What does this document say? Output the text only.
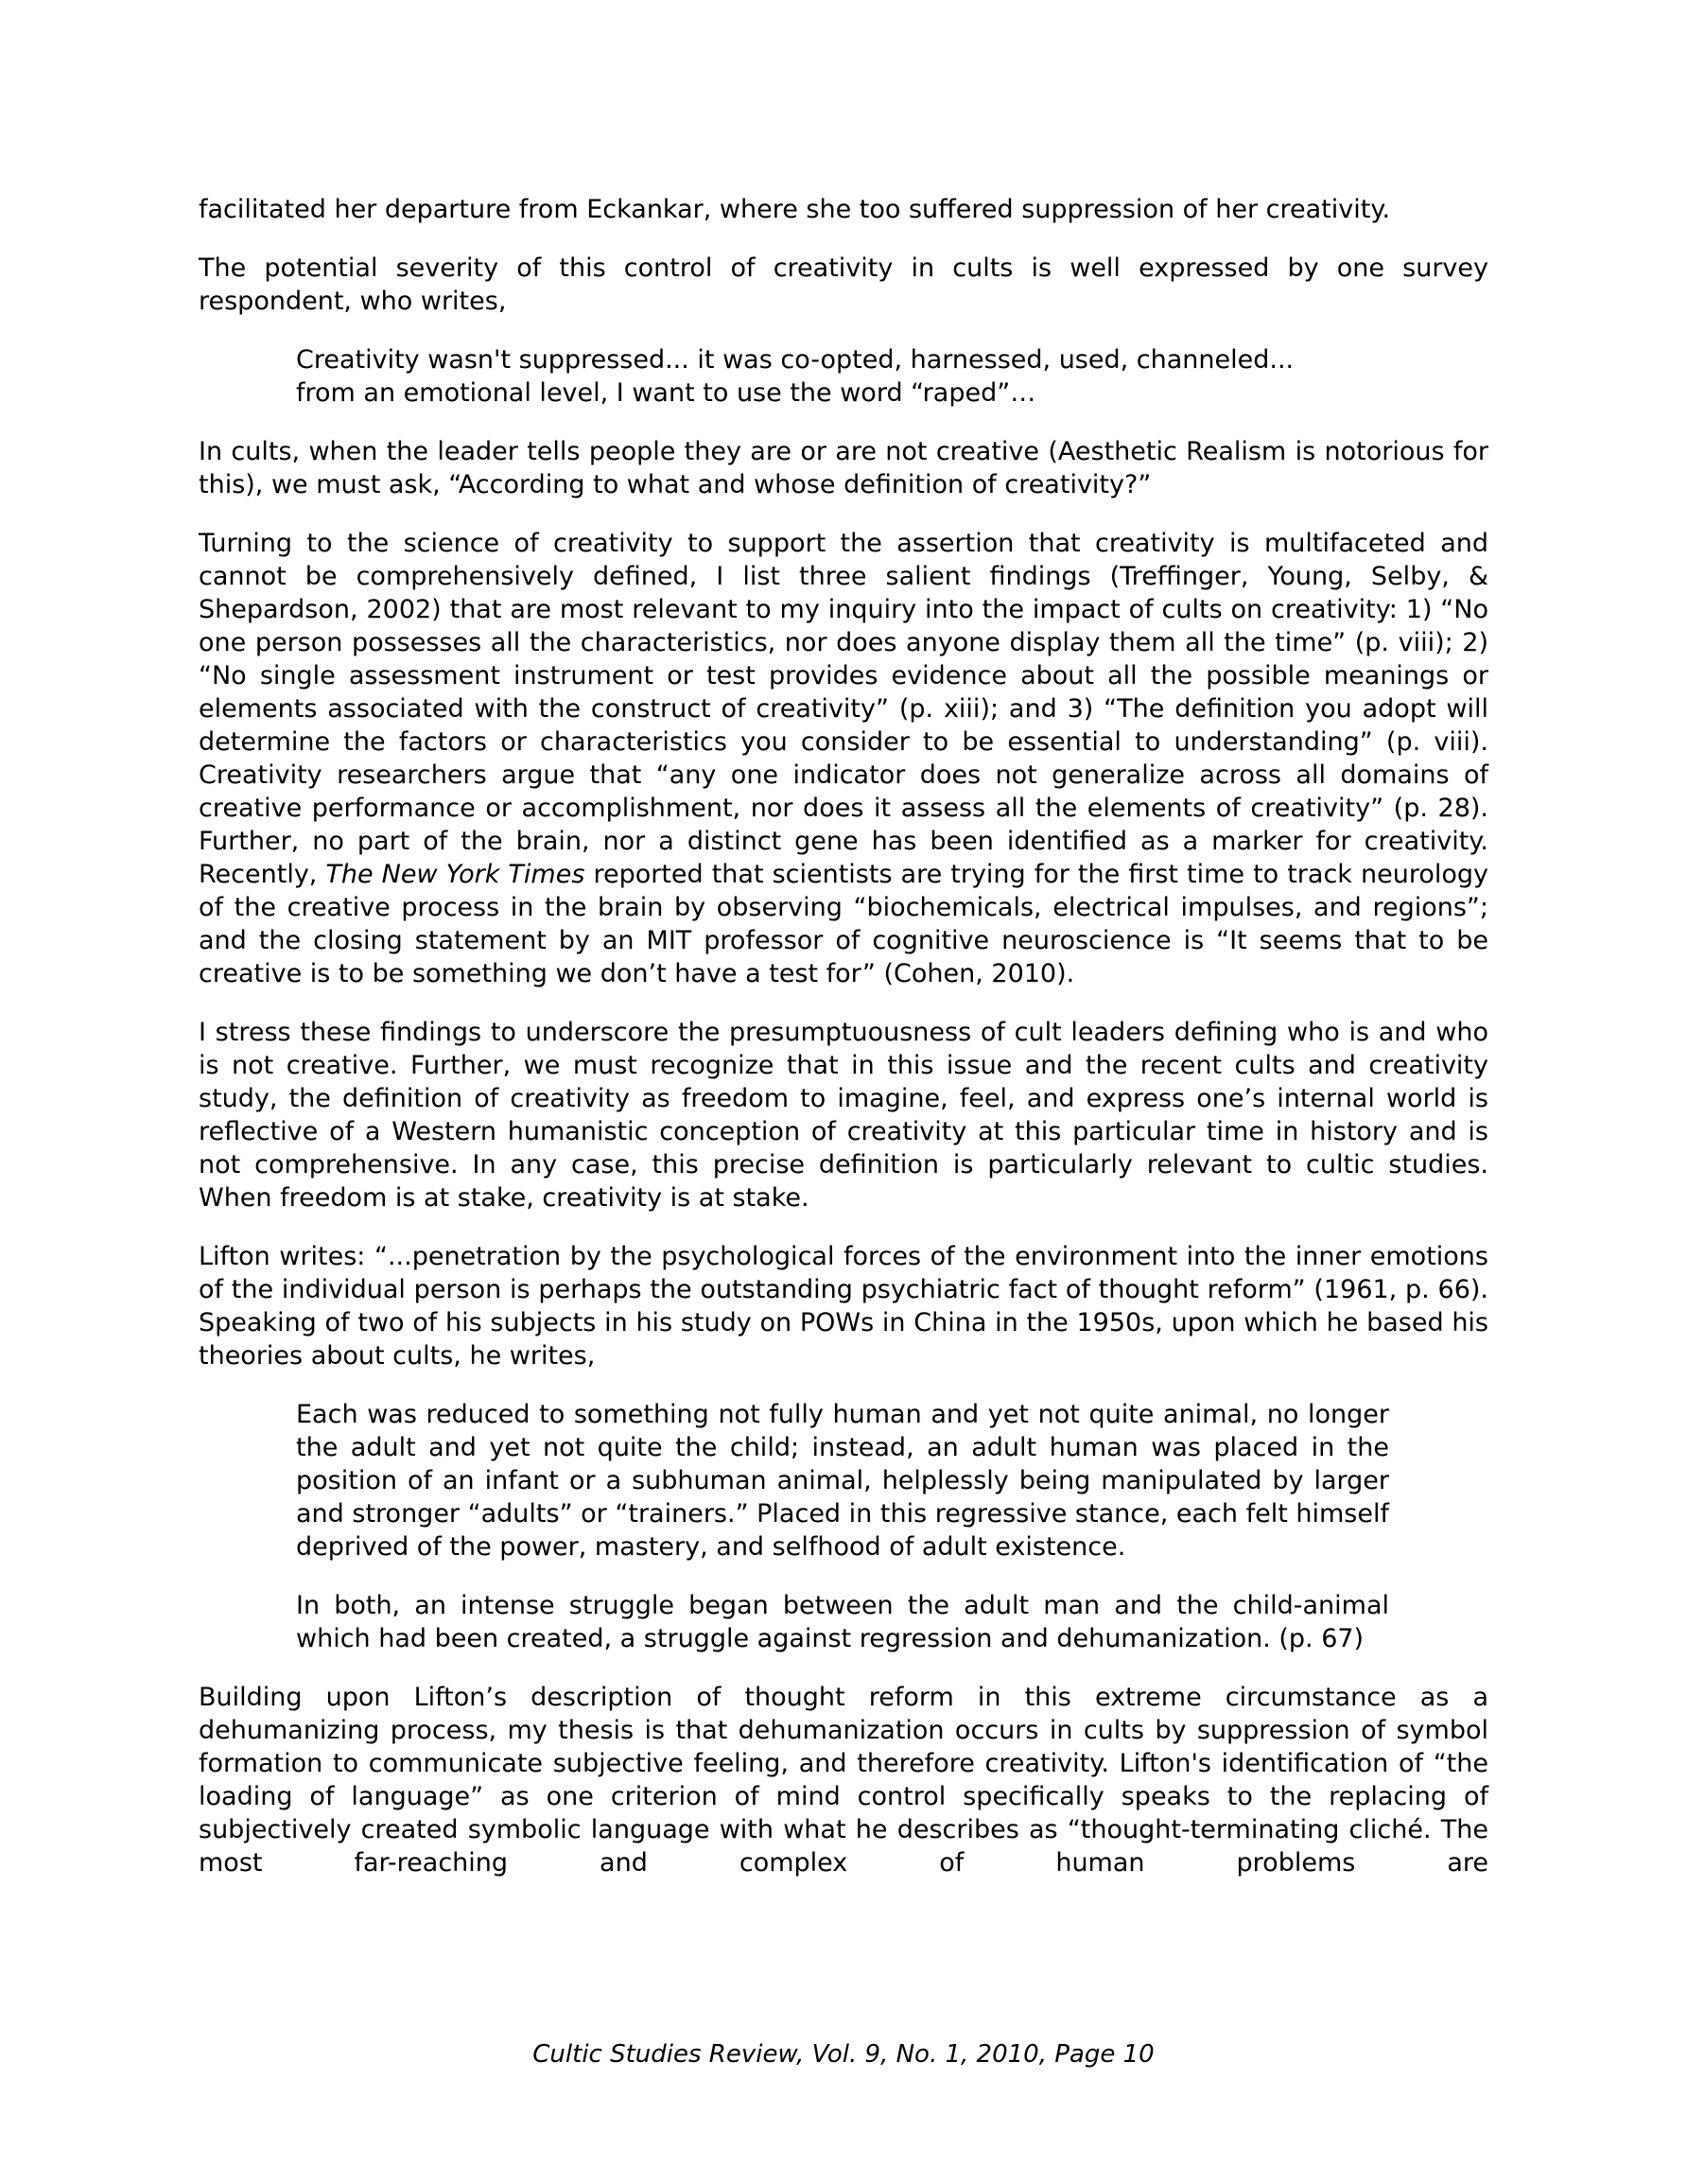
facilitated her departure from Eckankar, where she too suffered suppression of her creativity.

The potential severity of this control of creativity in cults is well expressed by one survey respondent, who writes,

Creativity wasn't suppressed... it was co-opted, harnessed, used, channeled...
from an emotional level, I want to use the word “raped”…

In cults, when the leader tells people they are or are not creative (Aesthetic Realism is notorious for this), we must ask, “According to what and whose definition of creativity?”

Turning to the science of creativity to support the assertion that creativity is multifaceted and cannot be comprehensively defined, I list three salient findings (Treffinger, Young, Selby, & Shepardson, 2002) that are most relevant to my inquiry into the impact of cults on creativity: 1) “No one person possesses all the characteristics, nor does anyone display them all the time” (p. viii); 2) “No single assessment instrument or test provides evidence about all the possible meanings or elements associated with the construct of creativity” (p. xiii); and 3) “The definition you adopt will determine the factors or characteristics you consider to be essential to understanding” (p. viii). Creativity researchers argue that “any one indicator does not generalize across all domains of creative performance or accomplishment, nor does it assess all the elements of creativity” (p. 28). Further, no part of the brain, nor a distinct gene has been identified as a marker for creativity. Recently, The New York Times reported that scientists are trying for the first time to track neurology of the creative process in the brain by observing “biochemicals, electrical impulses, and regions”; and the closing statement by an MIT professor of cognitive neuroscience is “It seems that to be creative is to be something we don’t have a test for” (Cohen, 2010).

I stress these findings to underscore the presumptuousness of cult leaders defining who is and who is not creative. Further, we must recognize that in this issue and the recent cults and creativity study, the definition of creativity as freedom to imagine, feel, and express one’s internal world is reflective of a Western humanistic conception of creativity at this particular time in history and is not comprehensive. In any case, this precise definition is particularly relevant to cultic studies. When freedom is at stake, creativity is at stake.

Lifton writes: “...penetration by the psychological forces of the environment into the inner emotions of the individual person is perhaps the outstanding psychiatric fact of thought reform” (1961, p. 66). Speaking of two of his subjects in his study on POWs in China in the 1950s, upon which he based his theories about cults, he writes,

Each was reduced to something not fully human and yet not quite animal, no longer the adult and yet not quite the child; instead, an adult human was placed in the position of an infant or a subhuman animal, helplessly being manipulated by larger and stronger “adults” or “trainers.” Placed in this regressive stance, each felt himself deprived of the power, mastery, and selfhood of adult existence.

In both, an intense struggle began between the adult man and the child-animal which had been created, a struggle against regression and dehumanization. (p. 67)

Building upon Lifton’s description of thought reform in this extreme circumstance as a dehumanizing process, my thesis is that dehumanization occurs in cults by suppression of symbol formation to communicate subjective feeling, and therefore creativity. Lifton's identification of “the loading of language” as one criterion of mind control specifically speaks to the replacing of subjectively created symbolic language with what he describes as “thought-terminating cliché. The most far-reaching and complex of human problems are

Cultic Studies Review, Vol. 9, No. 1, 2010, Page 10
